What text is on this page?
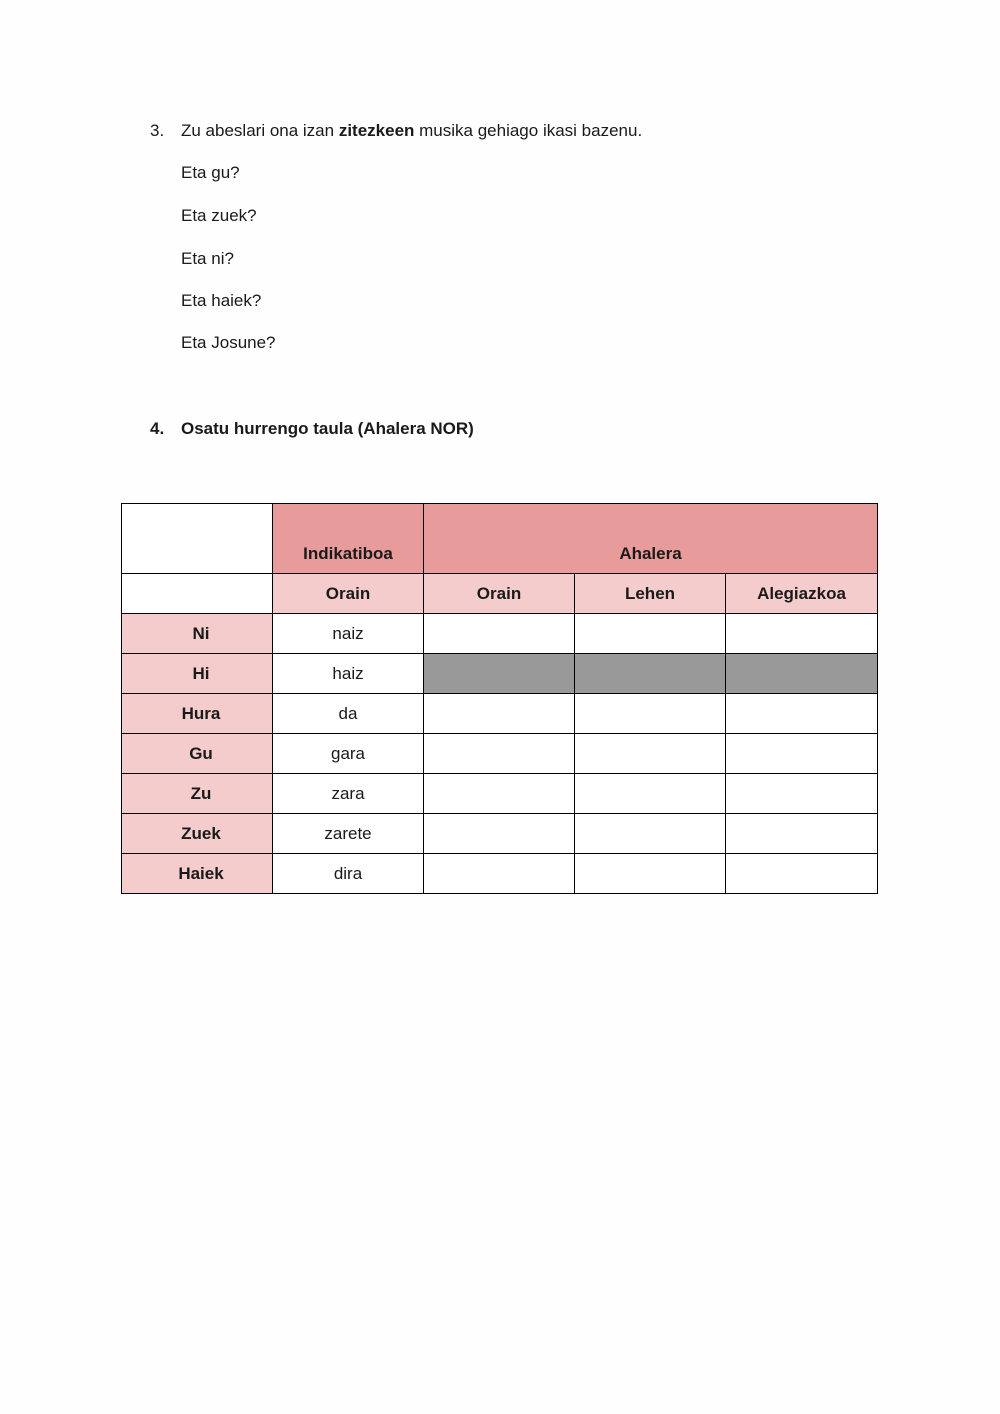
3. Zu abeslari ona izan zitezkeen musika gehiago ikasi bazenu.
Eta gu?
Eta zuek?
Eta ni?
Eta haiek?
Eta Josune?
4. Osatu hurrengo taula (Ahalera NOR)
	Indikatiboa	Ahalera		
	Orain	Orain	Lehen	Alegiazkoa
Ni	naiz			
Hi	haiz			
Hura	da			
Gu	gara			
Zu	zara			
Zuek	zarete			
Haiek	dira			
